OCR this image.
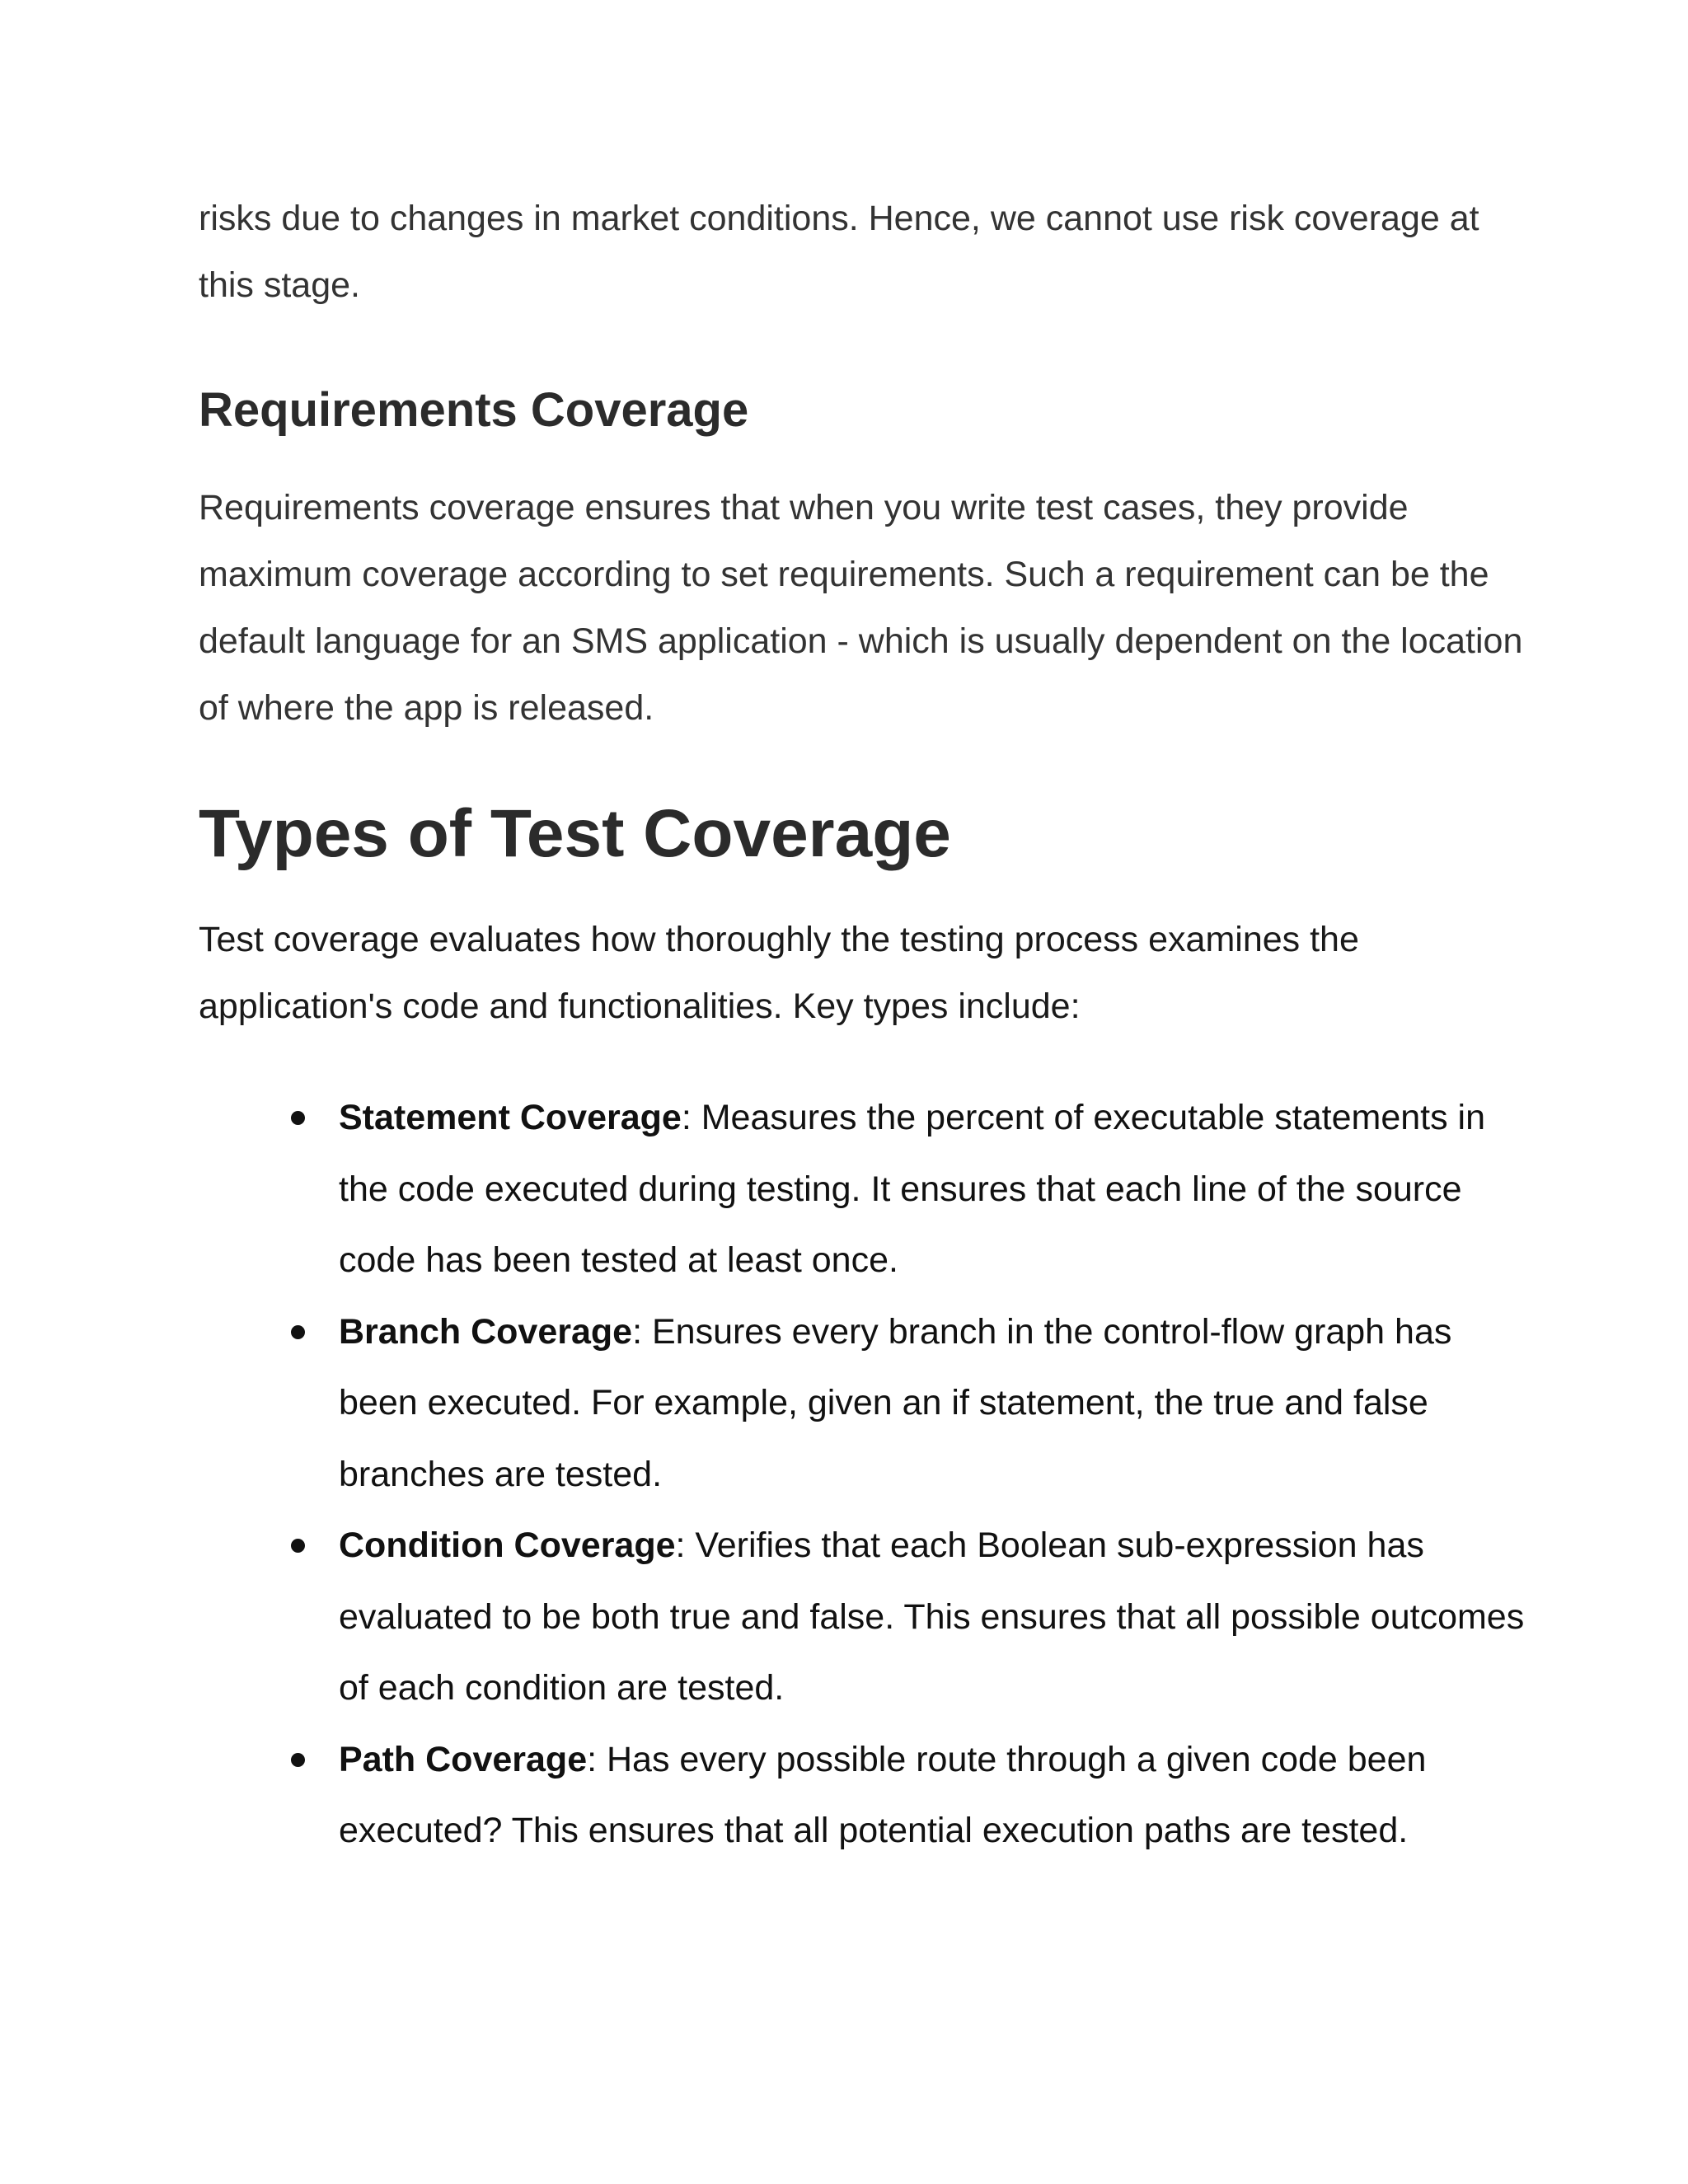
risks due to changes in market conditions. Hence, we cannot use risk coverage at this stage.

Requirements Coverage

Requirements coverage ensures that when you write test cases, they provide maximum coverage according to set requirements. Such a requirement can be the default language for an SMS application - which is usually dependent on the location of where the app is released.

Types of Test Coverage

Test coverage evaluates how thoroughly the testing process examines the application's code and functionalities. Key types include:

Statement Coverage: Measures the percent of executable statements in the code executed during testing. It ensures that each line of the source code has been tested at least once.
Branch Coverage: Ensures every branch in the control-flow graph has been executed. For example, given an if statement, the true and false branches are tested.
Condition Coverage: Verifies that each Boolean sub-expression has evaluated to be both true and false. This ensures that all possible outcomes of each condition are tested.
Path Coverage: Has every possible route through a given code been executed? This ensures that all potential execution paths are tested.
